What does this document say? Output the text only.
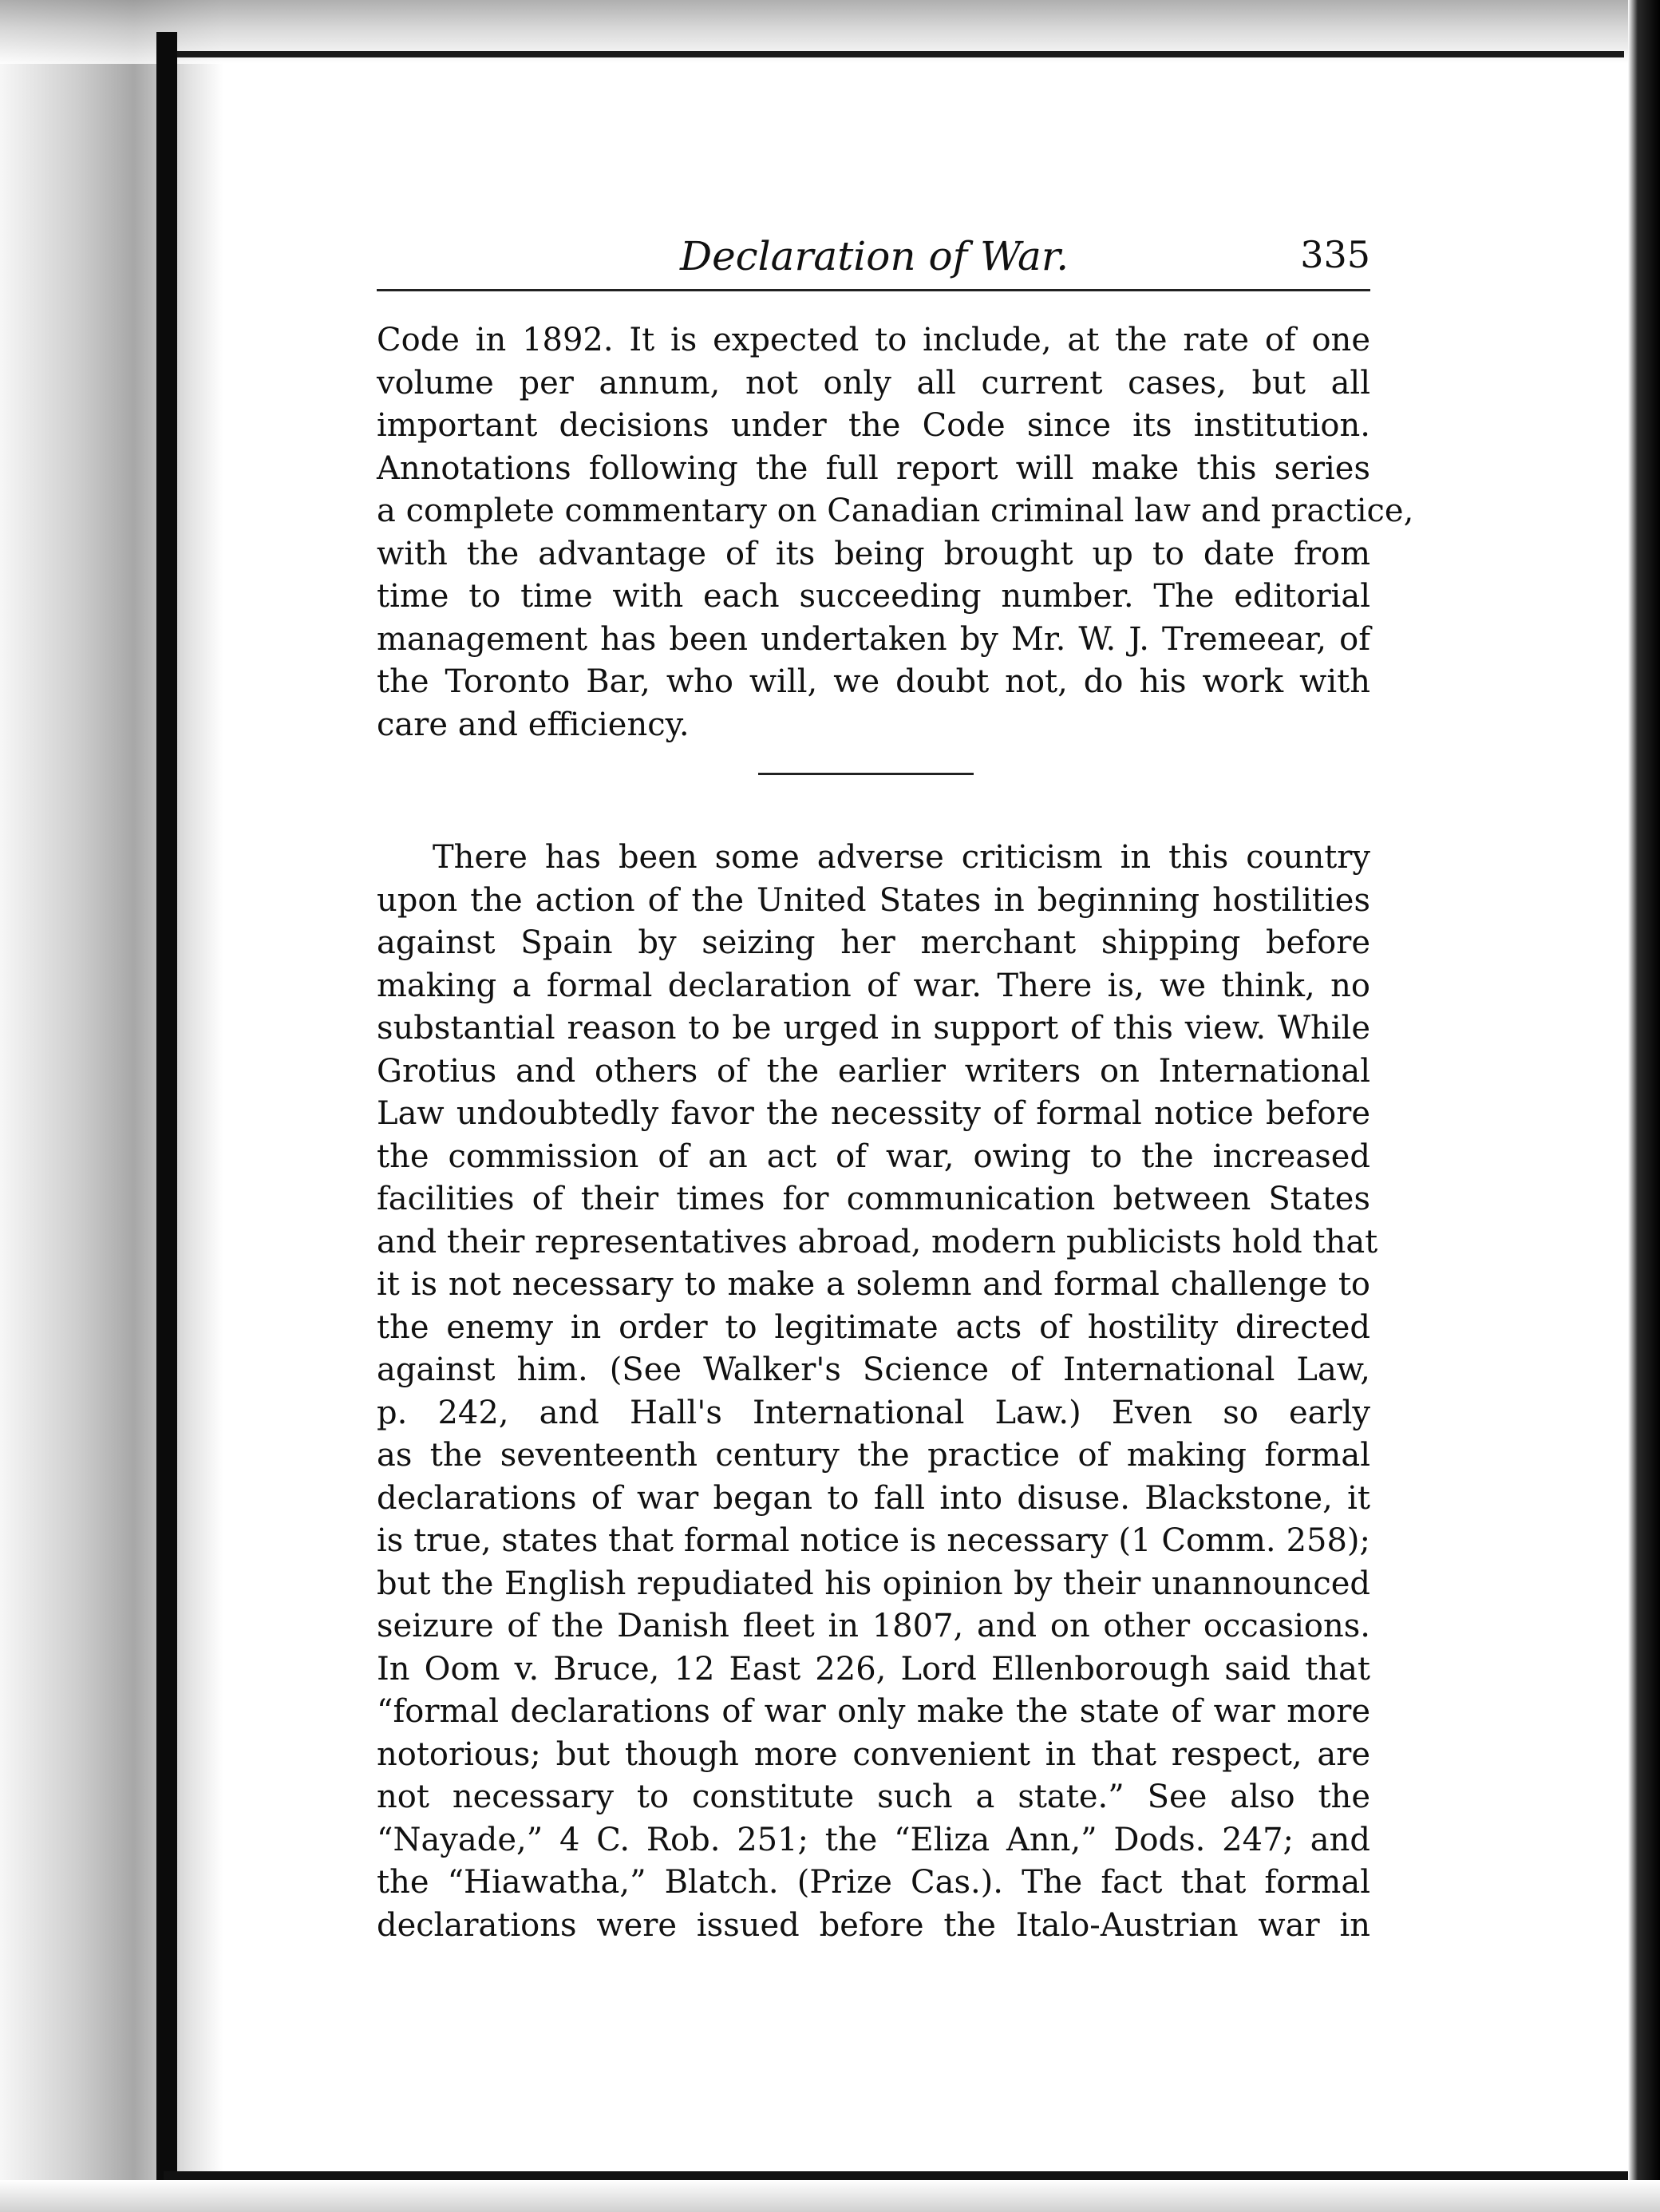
Declaration of War.	335
Code in 1892. It is expected to include, at the rate of one
volume per annum, not only all current cases, but all
important decisions under the Code since its institution.
Annotations following the full report will make this series
a complete commentary on Canadian criminal law and practice,
with the advantage of its being brought up to date from
time to time with each succeeding number. The editorial
management has been undertaken by Mr. W. J. Tremeear, of
the Toronto Bar, who will, we doubt not, do his work with
care and efficiency.
There has been some adverse criticism in this country
upon the action of the United States in beginning hostilities
against Spain by seizing her merchant shipping before
making a formal declaration of war. There is, we think, no
substantial reason to be urged in support of this view. While
Grotius and others of the earlier writers on International
Law undoubtedly favor the necessity of formal notice before
the commission of an act of war, owing to the increased
facilities of their times for communication between States
and their representatives abroad, modern publicists hold that
it is not necessary to make a solemn and formal challenge to
the enemy in order to legitimate acts of hostility directed
against him. (See Walker's Science of International Law,
p. 242, and Hall's International Law.) Even so early
as the seventeenth century the practice of making formal
declarations of war began to fall into disuse. Blackstone, it
is true, states that formal notice is necessary (1 Comm. 258);
but the English repudiated his opinion by their unannounced
seizure of the Danish fleet in 1807, and on other occasions.
In Oom v. Bruce, 12 East 226, Lord Ellenborough said that
“formal declarations of war only make the state of war more
notorious; but though more convenient in that respect, are
not necessary to constitute such a state.” See also the
“Nayade,” 4 C. Rob. 251; the “Eliza Ann,” Dods. 247; and
the “Hiawatha,” Blatch. (Prize Cas.). The fact that formal
declarations were issued before the Italo-Austrian war in
